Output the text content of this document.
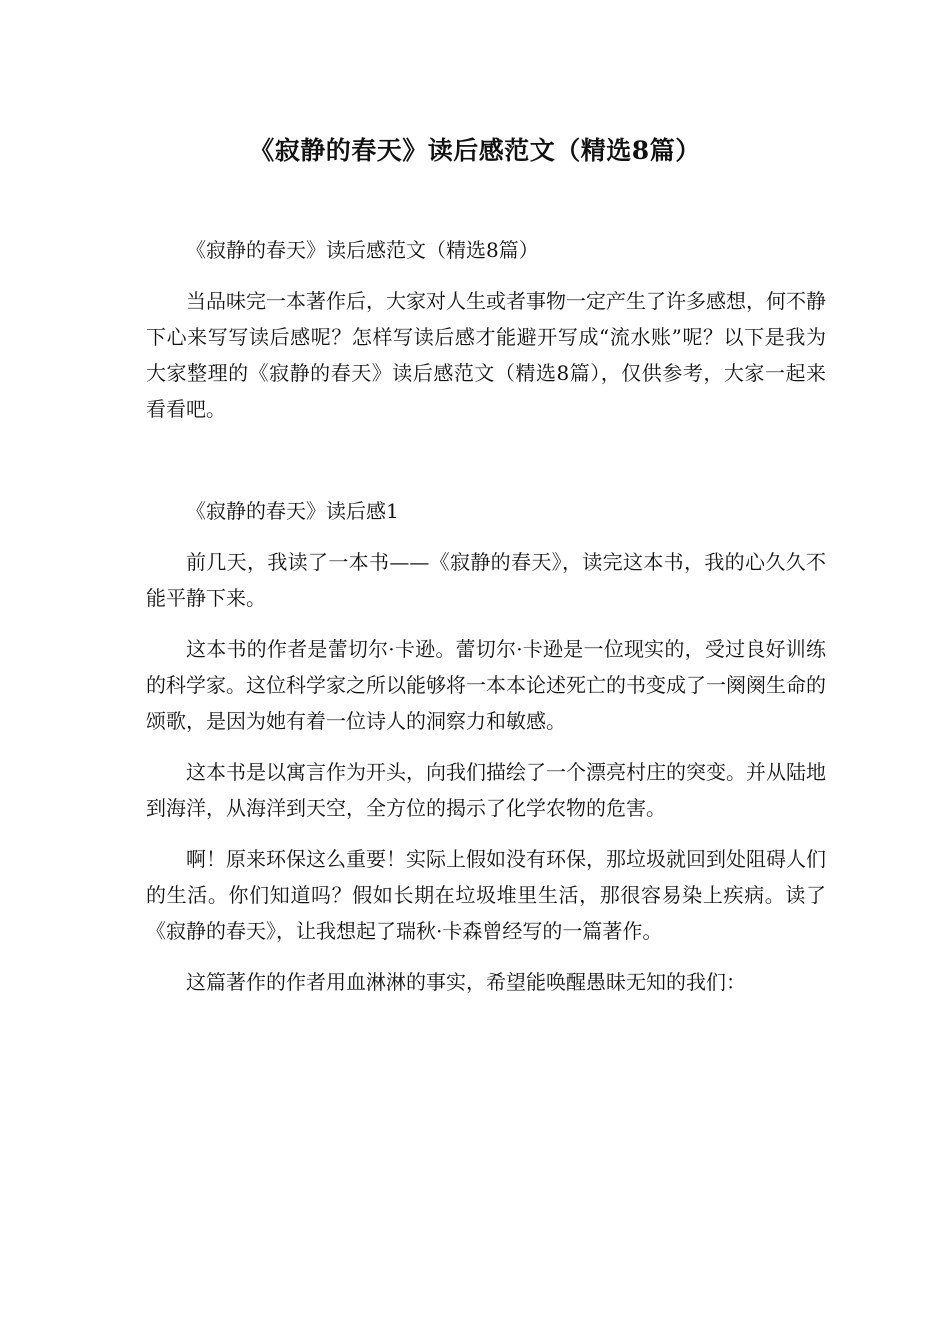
《寂静的春天》读后感范文（精选8篇）

《寂静的春天》读后感范文（精选8篇）

当品味完一本著作后，大家对人生或者事物一定产生了许多感想，何不静下心来写写读后感呢？怎样写读后感才能避开写成“流水账”呢？以下是我为大家整理的《寂静的春天》读后感范文（精选8篇），仅供参考，大家一起来看看吧。

《寂静的春天》读后感1

前几天，我读了一本书——《寂静的春天》，读完这本书，我的心久久不能平静下来。

这本书的作者是蕾切尔·卡逊。蕾切尔·卡逊是一位现实的，受过良好训练的科学家。这位科学家之所以能够将一本本论述死亡的书变成了一阕阕生命的颂歌，是因为她有着一位诗人的洞察力和敏感。

这本书是以寓言作为开头，向我们描绘了一个漂亮村庄的突变。并从陆地到海洋，从海洋到天空，全方位的揭示了化学农物的危害。

啊！原来环保这么重要！实际上假如没有环保，那垃圾就回到处阻碍人们的生活。你们知道吗？假如长期在垃圾堆里生活，那很容易染上疾病。读了《寂静的春天》，让我想起了瑞秋·卡森曾经写的一篇著作。

这篇著作的作者用血淋淋的事实，希望能唤醒愚昧无知的我们：
